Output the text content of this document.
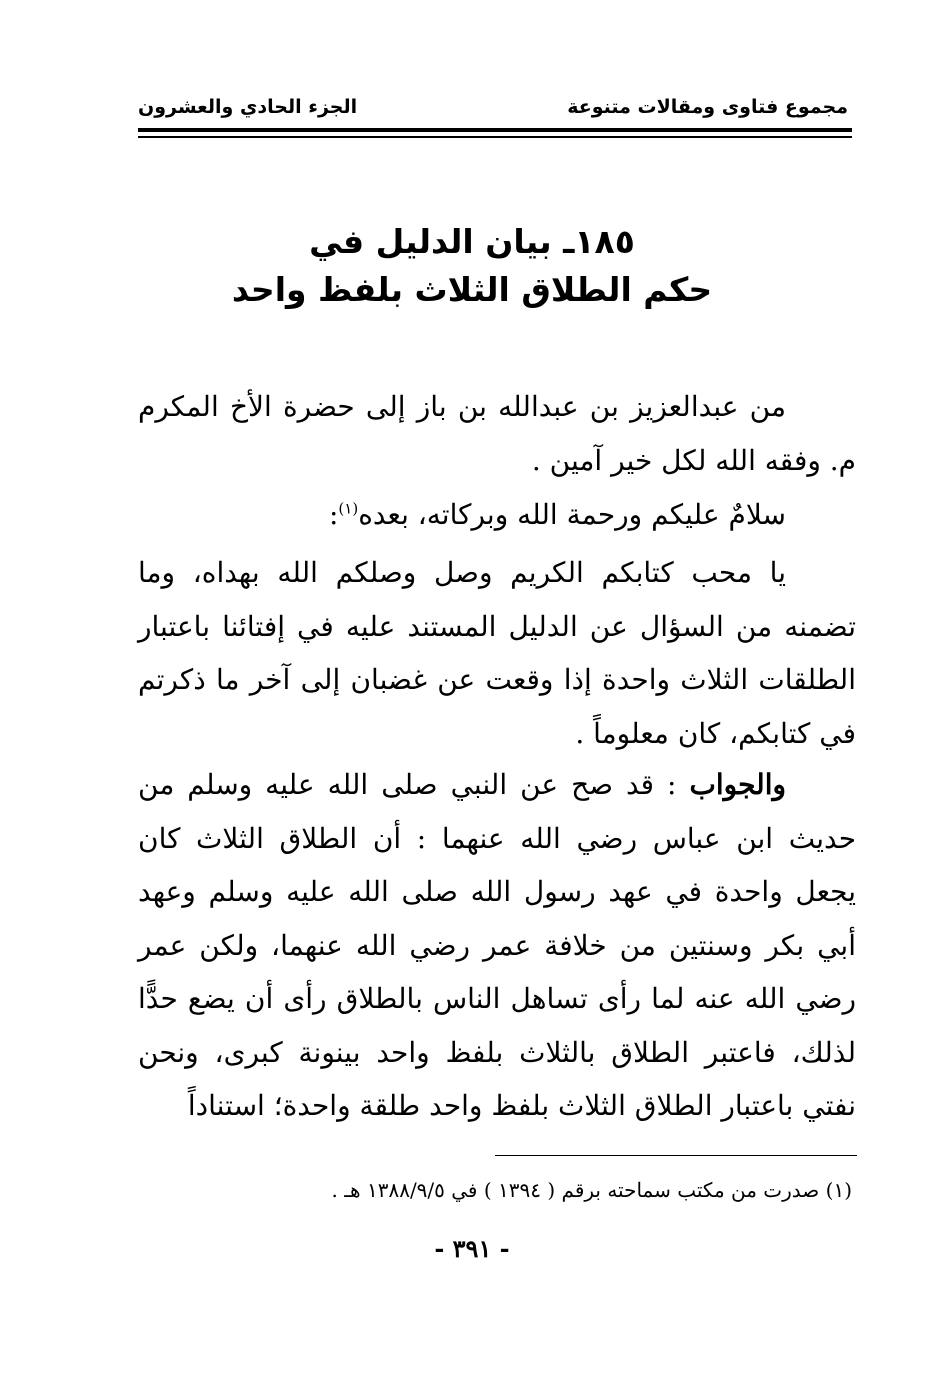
مجموع فتاوى ومقالات متنوعة
الجزء الحادي والعشرون
١٨٥ـ بيان الدليل في
حكم الطلاق الثلاث بلفظ واحد
من عبدالعزيز بن عبدالله بن باز إلى حضرة الأخ المكرم م. وفقه الله لكل خير آمين .
سلامٌ عليكم ورحمة الله وبركاته، بعده$^{(١)}$:
يا محب كتابكم الكريم وصل وصلكم الله بهداه، وما تضمنه من السؤال عن الدليل المستند عليه في إفتائنا باعتبار الطلقات الثلاث واحدة إذا وقعت عن غضبان إلى آخر ما ذكرتم في كتابكم، كان معلوماً .
والجواب : قد صح عن النبي صلى الله عليه وسلم من حديث ابن عباس رضي الله عنهما : أن الطلاق الثلاث كان يجعل واحدة في عهد رسول الله صلى الله عليه وسلم وعهد أبي بكر وسنتين من خلافة عمر رضي الله عنهما، ولكن عمر رضي الله عنه لما رأى تساهل الناس بالطلاق رأى أن يضع حدًّا لذلك، فاعتبر الطلاق بالثلاث بلفظ واحد بينونة كبرى، ونحن نفتي باعتبار الطلاق الثلاث بلفظ واحد طلقة واحدة؛ استناداً
(١) صدرت من مكتب سماحته برقم ( ١٣٩٤ ) في ١٣٨٨/٩/٥ هـ .
- ٣٩١ -
